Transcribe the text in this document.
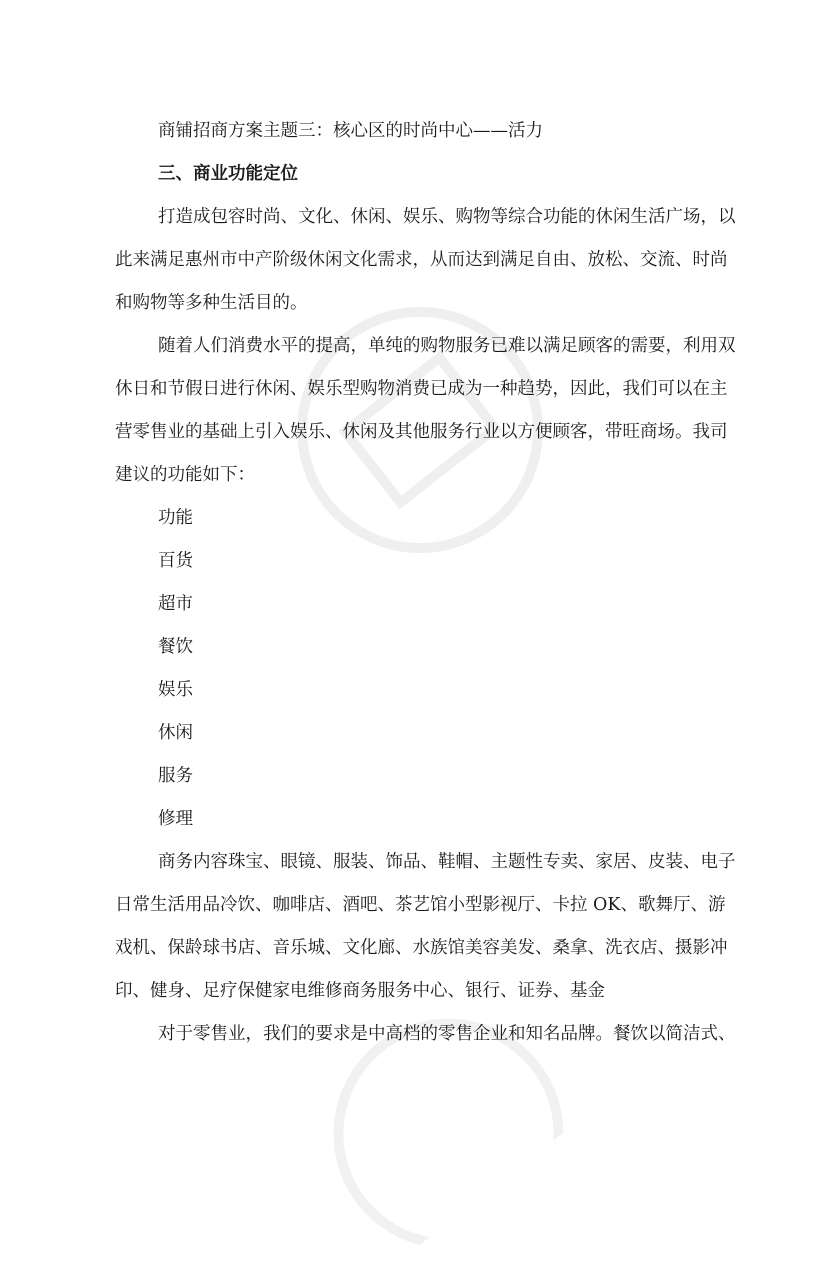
商铺招商方案主题三：核心区的时尚中心——活力
三、商业功能定位
打造成包容时尚、文化、休闲、娱乐、购物等综合功能的休闲生活广场，以
此来满足惠州市中产阶级休闲文化需求，从而达到满足自由、放松、交流、时尚
和购物等多种生活目的。
随着人们消费水平的提高，单纯的购物服务已难以满足顾客的需要，利用双
休日和节假日进行休闲、娱乐型购物消费已成为一种趋势，因此，我们可以在主
营零售业的基础上引入娱乐、休闲及其他服务行业以方便顾客，带旺商场。我司
建议的功能如下：
功能
百货
超市
餐饮
娱乐
休闲
服务
修理
商务内容珠宝、眼镜、服装、饰品、鞋帽、主题性专卖、家居、皮装、电子
日常生活用品冷饮、咖啡店、酒吧、茶艺馆小型影视厅、卡拉 OK、歌舞厅、游
戏机、保龄球书店、音乐城、文化廊、水族馆美容美发、桑拿、洗衣店、摄影冲
印、健身、足疗保健家电维修商务服务中心、银行、证券、基金
对于零售业，我们的要求是中高档的零售企业和知名品牌。餐饮以简洁式、
